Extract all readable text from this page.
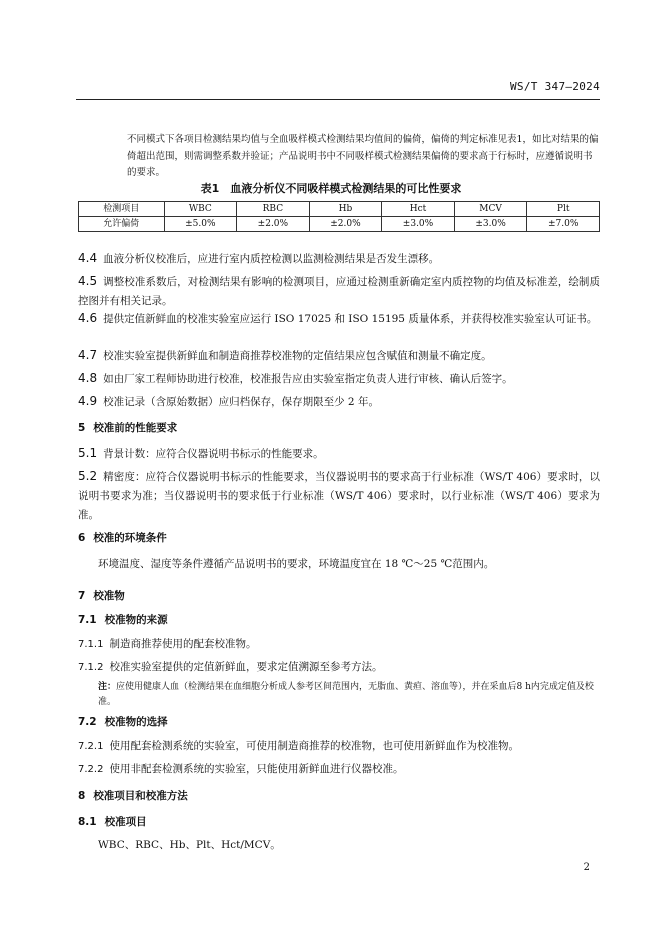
WS/T 347—2024
不同模式下各项目检测结果均值与全血吸样模式检测结果均值间的偏倚，偏倚的判定标准见表1，如比对结果的偏倚超出范围，则需调整系数并验证；产品说明书中不同吸样模式检测结果偏倚的要求高于行标时，应遵循说明书的要求。
表1　血液分析仪不同吸样模式检测结果的可比性要求
检测项目	WBC	RBC	Hb	Hct	MCV	Plt
允许偏倚	±5.0%	±2.0%	±2.0%	±3.0%	±3.0%	±7.0%
4.4 血液分析仪校准后，应进行室内质控检测以监测检测结果是否发生漂移。
4.5 调整校准系数后，对检测结果有影响的检测项目，应通过检测重新确定室内质控物的均值及标准差，绘制质控图并有相关记录。
4.6 提供定值新鲜血的校准实验室应运行 ISO 17025 和 ISO 15195 质量体系，并获得校准实验室认可证书。
4.7 校准实验室提供新鲜血和制造商推荐校准物的定值结果应包含赋值和测量不确定度。
4.8 如由厂家工程师协助进行校准，校准报告应由实验室指定负责人进行审核、确认后签字。
4.9 校准记录（含原始数据）应归档保存，保存期限至少 2 年。
5 校准前的性能要求
5.1 背景计数：应符合仪器说明书标示的性能要求。
5.2 精密度：应符合仪器说明书标示的性能要求，当仪器说明书的要求高于行业标准（WS/T 406）要求时，以说明书要求为准；当仪器说明书的要求低于行业标准（WS/T 406）要求时，以行业标准（WS/T 406）要求为准。
6 校准的环境条件
环境温度、湿度等条件遵循产品说明书的要求，环境温度宜在 18 ℃～25 ℃范围内。
7 校准物
7.1 校准物的来源
7.1.1 制造商推荐使用的配套校准物。
7.1.2 校准实验室提供的定值新鲜血，要求定值溯源至参考方法。
注：应使用健康人血（检测结果在血细胞分析成人参考区间范围内，无脂血、黄疸、溶血等），并在采血后8 h内完成定值及校准。
7.2 校准物的选择
7.2.1 使用配套检测系统的实验室，可使用制造商推荐的校准物，也可使用新鲜血作为校准物。
7.2.2 使用非配套检测系统的实验室，只能使用新鲜血进行仪器校准。
8 校准项目和校准方法
8.1 校准项目
WBC、RBC、Hb、Plt、Hct/MCV。
2
